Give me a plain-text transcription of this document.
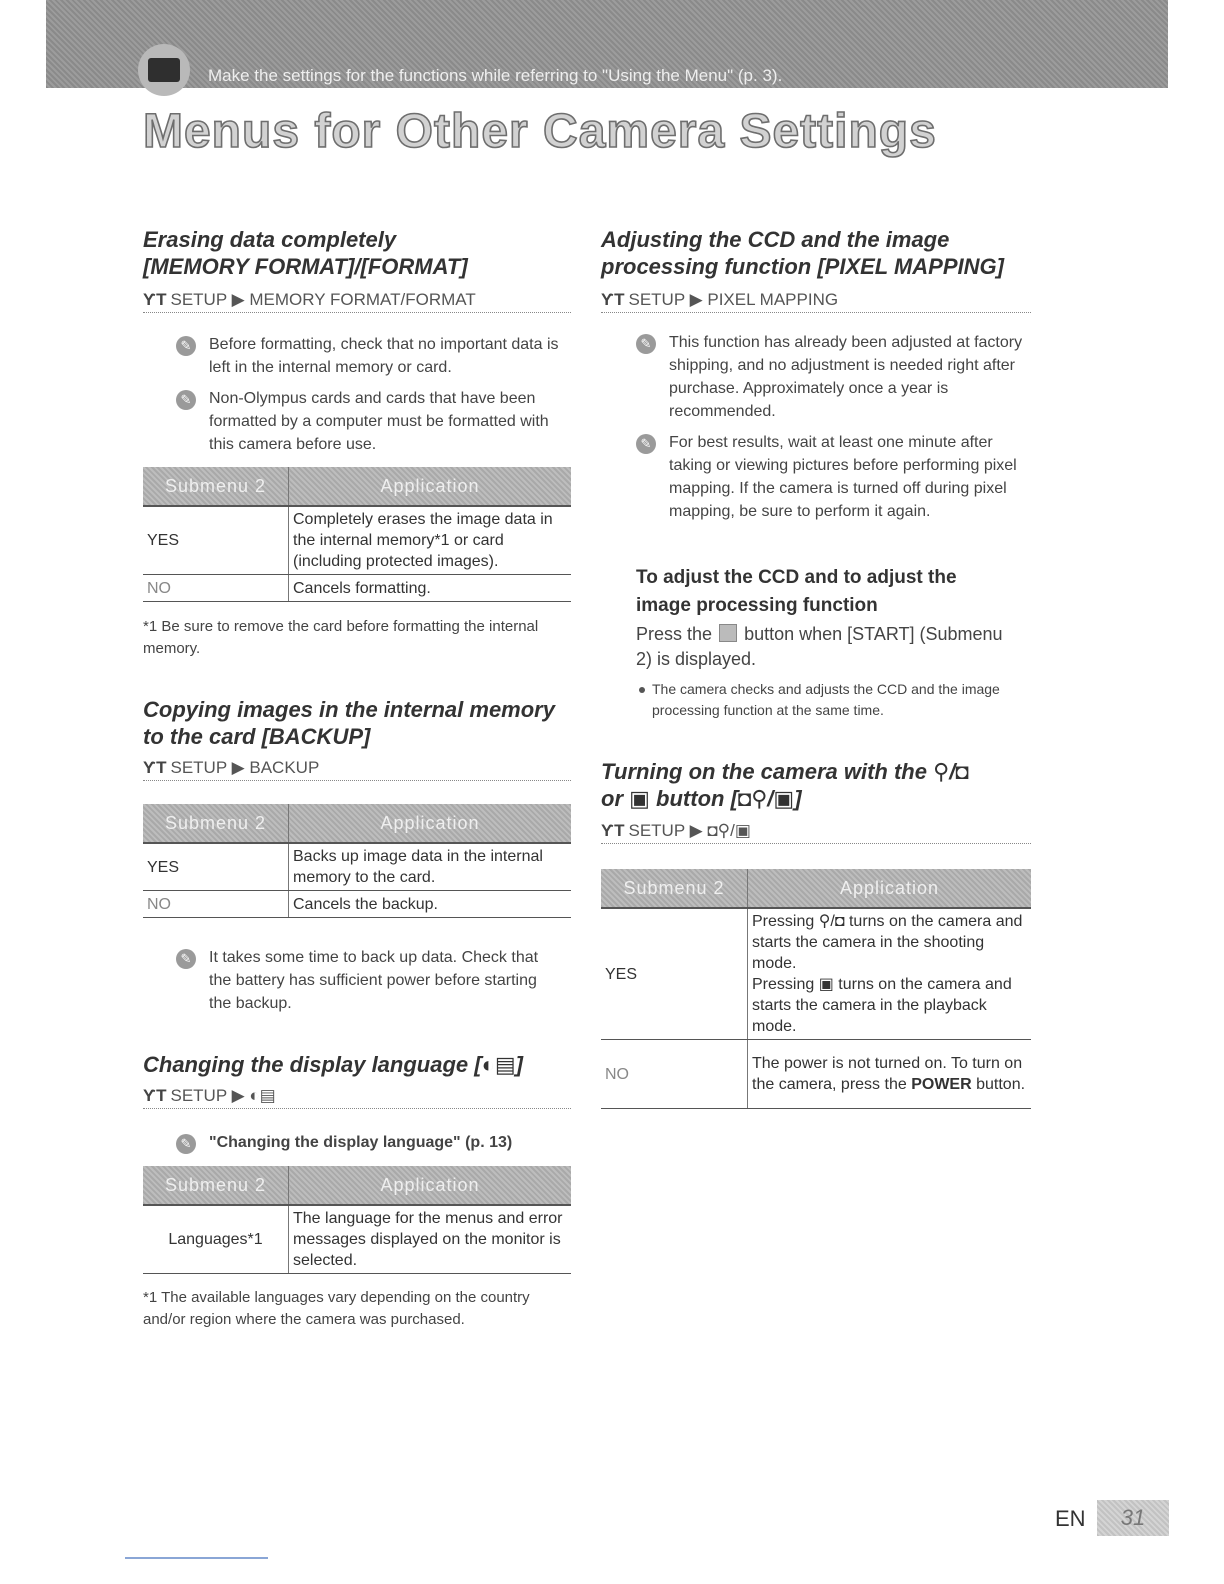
Make the settings for the functions while referring to "Using the Menu" (p. 3).
Menus for Other Camera Settings
Erasing data completely
[MEMORY FORMAT]/[FORMAT]
ƳT SETUP ▶ MEMORY FORMAT/FORMAT
✎ Before formatting, check that no important data is left in the internal memory or card.

✎ Non-Olympus cards and cards that have been formatted by a computer must be formatted with this camera before use.

Submenu 2	Application
YES	Completely erases the image data in the internal memory*1 or card (including protected images).
NO	Cancels formatting.

*1 Be sure to remove the card before formatting the internal memory.

Copying images in the internal memory
to the card [BACKUP]
ƳT SETUP ▶ BACKUP
Submenu 2	Application
YES	Backs up image data in the internal memory to the card.
NO	Cancels the backup.
✎ It takes some time to back up data. Check that the battery has sufficient power before starting the backup.

Changing the display language [◐▤]
ƳT SETUP ▶ ◐▤
✎ "Changing the display language" (p. 13)

Submenu 2	Application
Languages*1	The language for the menus and error messages displayed on the monitor is selected.

*1 The available languages vary depending on the country and/or region where the camera was purchased.

Adjusting the CCD and the image
processing function [PIXEL MAPPING]
ƳT SETUP ▶ PIXEL MAPPING
✎ This function has already been adjusted at factory shipping, and no adjustment is needed right after purchase. Approximately once a year is recommended.

✎ For best results, wait at least one minute after taking or viewing pictures before performing pixel mapping. If the camera is turned off during pixel mapping, be sure to perform it again.

To adjust the CCD and to adjust the image processing function

Press the button when [START] (Submenu 2) is displayed.

The camera checks and adjusts the CCD and the image processing function at the same time.

Turning on the camera with the ⚲/◘
or ▣ button [◘⚲/▣]
ƳT SETUP ▶ ◘⚲/▣
Submenu 2	Application
YES	Pressing ⚲/◘ turns on the camera and starts the camera in the shooting mode.
Pressing ▣ turns on the camera and starts the camera in the playback mode.
NO	The power is not turned on. To turn on the camera, press the POWER button.
EN	31
